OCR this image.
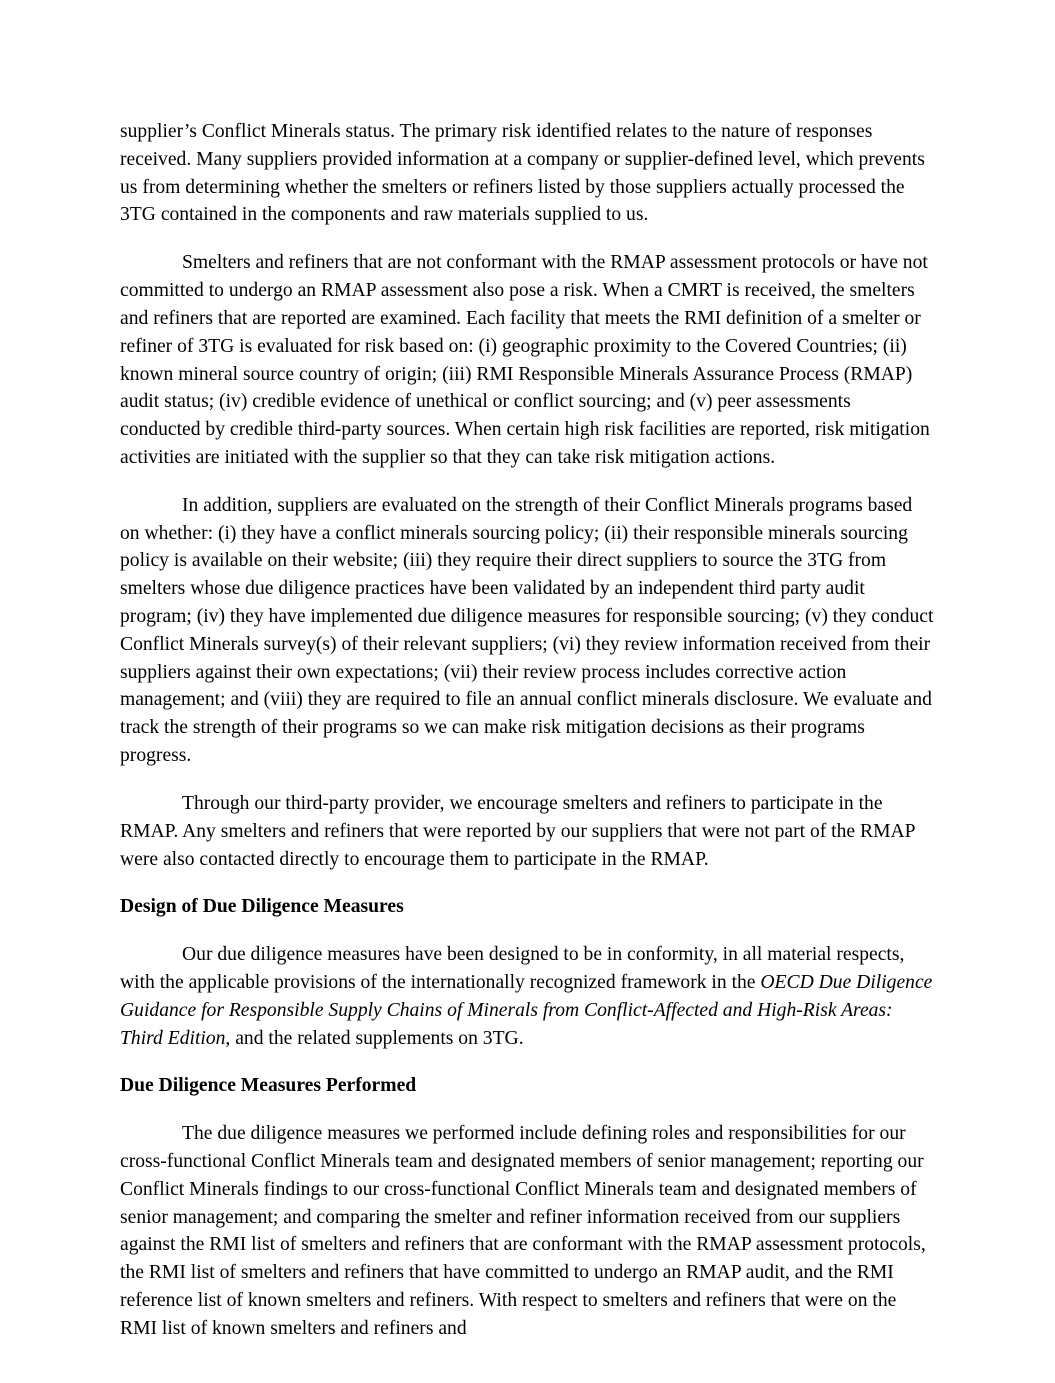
supplier’s Conflict Minerals status. The primary risk identified relates to the nature of responses received. Many suppliers provided information at a company or supplier-defined level, which prevents us from determining whether the smelters or refiners listed by those suppliers actually processed the 3TG contained in the components and raw materials supplied to us.

Smelters and refiners that are not conformant with the RMAP assessment protocols or have not committed to undergo an RMAP assessment also pose a risk. When a CMRT is received, the smelters and refiners that are reported are examined. Each facility that meets the RMI definition of a smelter or refiner of 3TG is evaluated for risk based on: (i) geographic proximity to the Covered Countries; (ii) known mineral source country of origin; (iii) RMI Responsible Minerals Assurance Process (RMAP) audit status; (iv) credible evidence of unethical or conflict sourcing; and (v) peer assessments conducted by credible third-party sources. When certain high risk facilities are reported, risk mitigation activities are initiated with the supplier so that they can take risk mitigation actions.

In addition, suppliers are evaluated on the strength of their Conflict Minerals programs based on whether: (i) they have a conflict minerals sourcing policy; (ii) their responsible minerals sourcing policy is available on their website; (iii) they require their direct suppliers to source the 3TG from smelters whose due diligence practices have been validated by an independent third party audit program; (iv) they have implemented due diligence measures for responsible sourcing; (v) they conduct Conflict Minerals survey(s) of their relevant suppliers; (vi) they review information received from their suppliers against their own expectations; (vii) their review process includes corrective action management; and (viii) they are required to file an annual conflict minerals disclosure. We evaluate and track the strength of their programs so we can make risk mitigation decisions as their programs progress.

Through our third-party provider, we encourage smelters and refiners to participate in the RMAP. Any smelters and refiners that were reported by our suppliers that were not part of the RMAP were also contacted directly to encourage them to participate in the RMAP.

Design of Due Diligence Measures

Our due diligence measures have been designed to be in conformity, in all material respects, with the applicable provisions of the internationally recognized framework in the OECD Due Diligence Guidance for Responsible Supply Chains of Minerals from Conflict-Affected and High-Risk Areas: Third Edition, and the related supplements on 3TG.

Due Diligence Measures Performed

The due diligence measures we performed include defining roles and responsibilities for our cross-functional Conflict Minerals team and designated members of senior management; reporting our Conflict Minerals findings to our cross-functional Conflict Minerals team and designated members of senior management; and comparing the smelter and refiner information received from our suppliers against the RMI list of smelters and refiners that are conformant with the RMAP assessment protocols, the RMI list of smelters and refiners that have committed to undergo an RMAP audit, and the RMI reference list of known smelters and refiners. With respect to smelters and refiners that were on the RMI list of known smelters and refiners and
